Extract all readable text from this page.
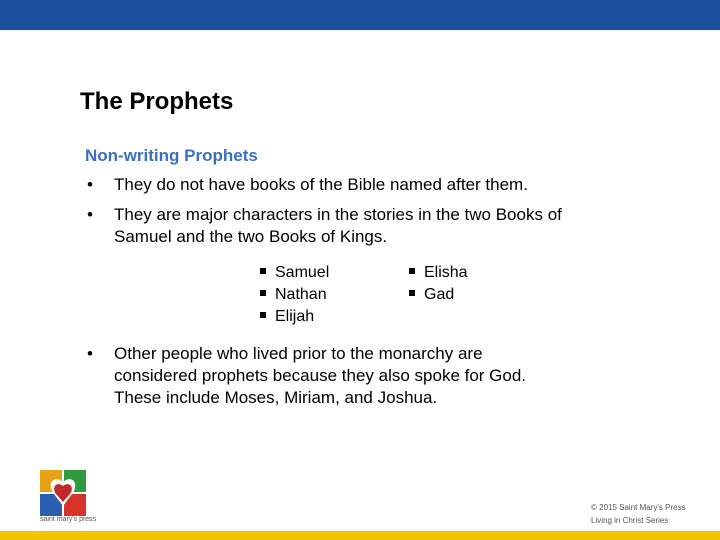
The Prophets
Non-writing Prophets
• They do not have books of the Bible named after them.
• They are major characters in the stories in the two Books of
Samuel and the two Books of Kings.
Samuel
Nathan
Elijah
Elisha
Gad
• Other people who lived prior to the monarchy are
considered prophets because they also spoke for God.
These include Moses, Miriam, and Joshua.
saint mary's press
© 2015 Saint Mary's Press
Living in Christ Series
